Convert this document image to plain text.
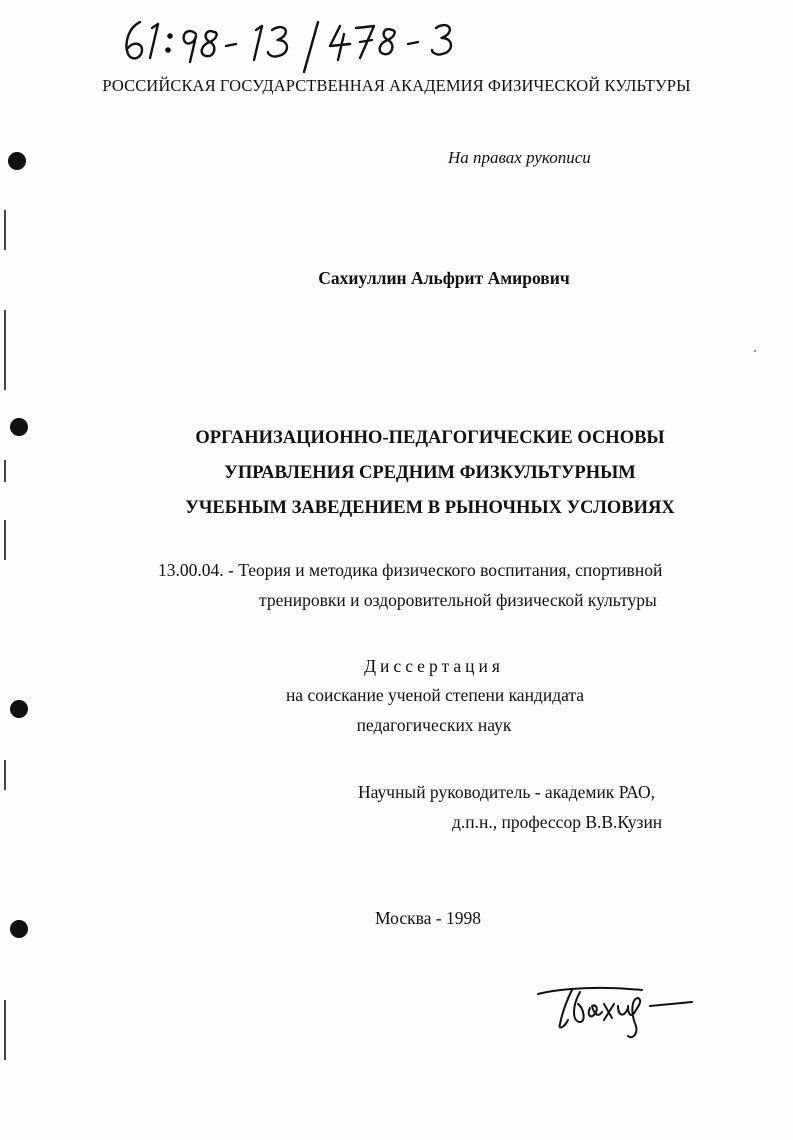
РОССИЙСКАЯ ГОСУДАРСТВЕННАЯ АКАДЕМИЯ ФИЗИЧЕСКОЙ КУЛЬТУРЫ
На правах рукописи
Сахиуллин Альфрит Амирович
ОРГАНИЗАЦИОННО-ПЕДАГОГИЧЕСКИЕ ОСНОВЫ
УПРАВЛЕНИЯ СРЕДНИМ ФИЗКУЛЬТУРНЫМ
УЧЕБНЫМ ЗАВЕДЕНИЕМ В РЫНОЧНЫХ УСЛОВИЯХ
13.00.04. - Теория и методика физического воспитания, спортивной
тренировки и оздоровительной физической культуры
Диссертация
на соискание ученой степени кандидата
педагогических наук
Научный руководитель - академик РАО,
д.п.н., профессор В.В.Кузин
Москва - 1998
